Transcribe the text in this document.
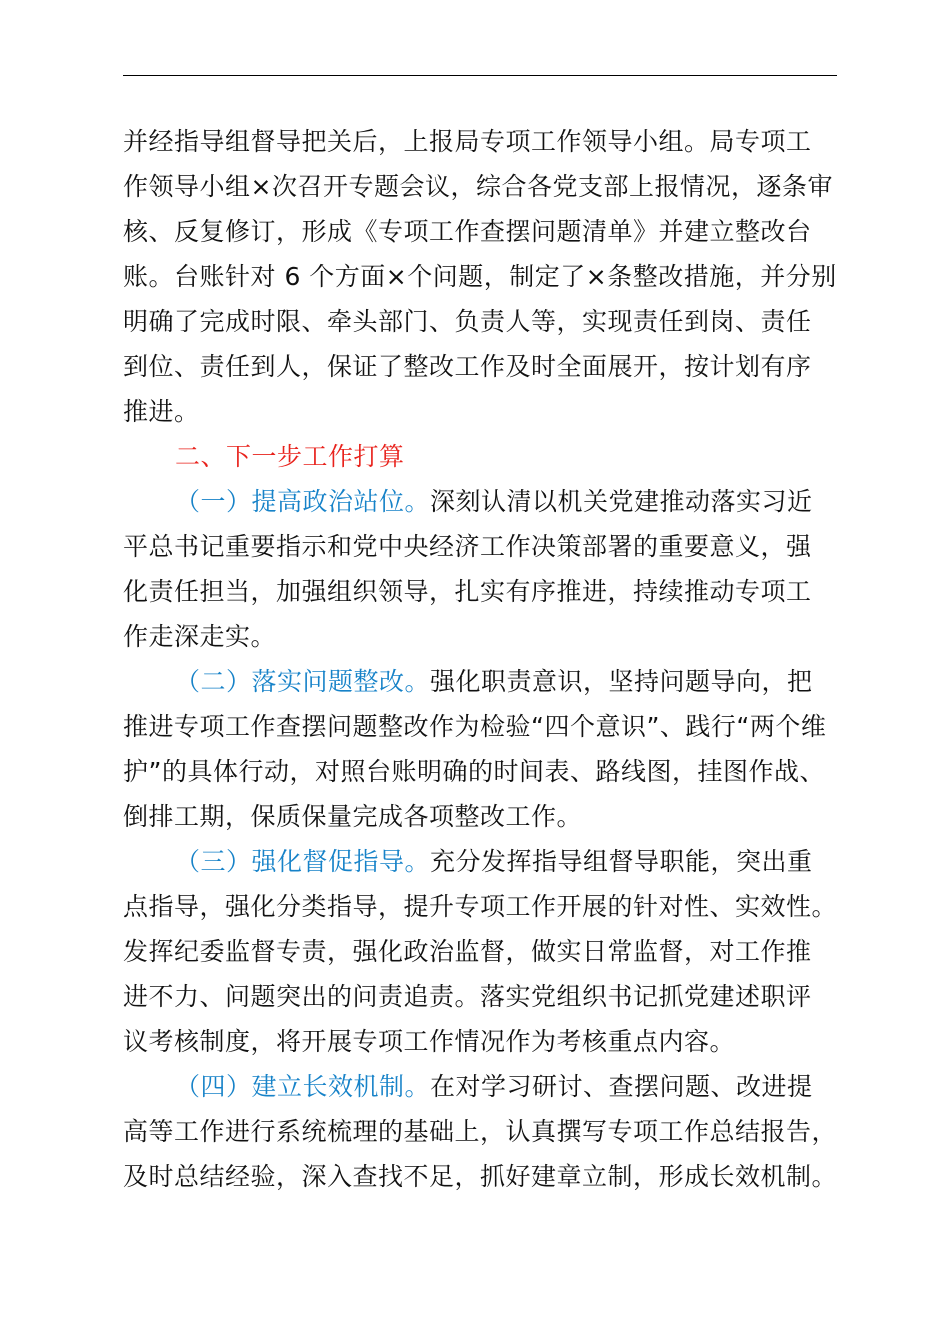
并经指导组督导把关后，上报局专项工作领导小组。局专项工
作领导小组×次召开专题会议，综合各党支部上报情况，逐条审
核、反复修订，形成《专项工作查摆问题清单》并建立整改台
账。台账针对 6 个方面×个问题，制定了×条整改措施，并分别
明确了完成时限、牵头部门、负责人等，实现责任到岗、责任
到位、责任到人，保证了整改工作及时全面展开，按计划有序
推进。
二、下一步工作打算
（一）提高政治站位。深刻认清以机关党建推动落实习近
平总书记重要指示和党中央经济工作决策部署的重要意义，强
化责任担当，加强组织领导，扎实有序推进，持续推动专项工
作走深走实。
（二）落实问题整改。强化职责意识，坚持问题导向，把
推进专项工作查摆问题整改作为检验“四个意识”、践行“两个维
护”的具体行动，对照台账明确的时间表、路线图，挂图作战、
倒排工期，保质保量完成各项整改工作。
（三）强化督促指导。充分发挥指导组督导职能，突出重
点指导，强化分类指导，提升专项工作开展的针对性、实效性。
发挥纪委监督专责，强化政治监督，做实日常监督，对工作推
进不力、问题突出的问责追责。落实党组织书记抓党建述职评
议考核制度，将开展专项工作情况作为考核重点内容。
（四）建立长效机制。在对学习研讨、查摆问题、改进提
高等工作进行系统梳理的基础上，认真撰写专项工作总结报告，
及时总结经验，深入查找不足，抓好建章立制，形成长效机制。
